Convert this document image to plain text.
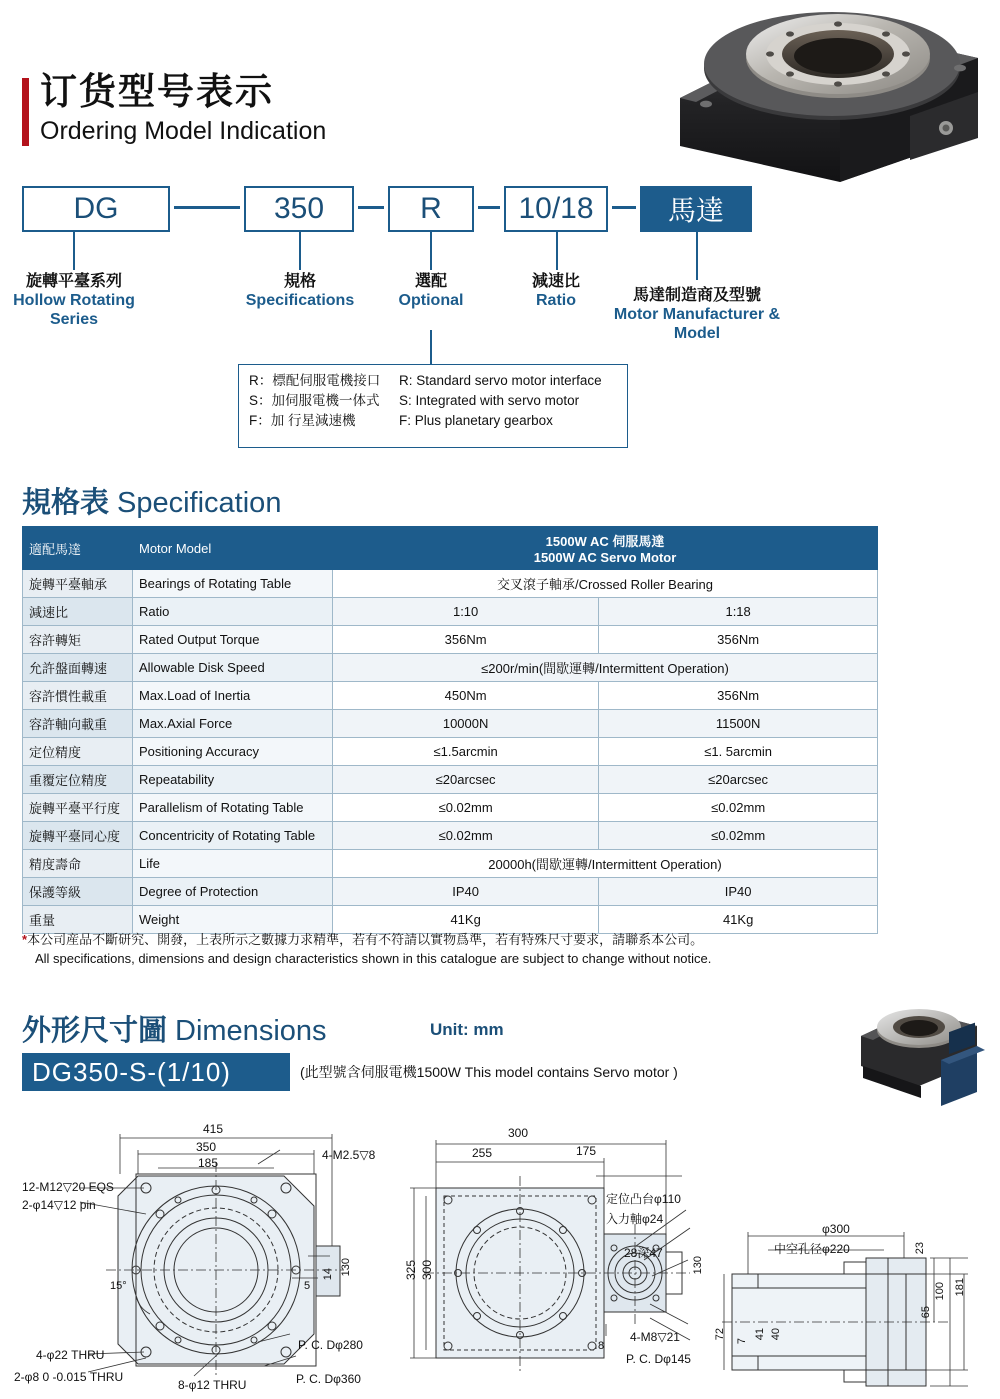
订货型号表示
Ordering Model Indication
DG	350	R	10/18	馬達
旋轉平臺系列
Hollow Rotating Series
規格
Specifications
選配
Optional
減速比
Ratio	馬達制造商及型號
Motor Manufacturer & Model
R：標配伺服電機接口	R: Standard servo motor interface
S：加伺服電機一体式	S: Integrated with servo motor
F：加 行星減速機	F: Plus planetary gearbox
規格表 Specification
適配馬達	Motor Model	1500W AC 伺服馬達
1500W AC Servo Motor	

旋轉平臺軸承	Bearings of Rotating Table	交叉滾子軸承/Crossed Roller Bearing	
減速比	Ratio	1:10	1:18
容許轉矩	Rated Output Torque	356Nm	356Nm
允許盤面轉速	Allowable Disk Speed	≤200r/min(間歇運轉/Intermittent Operation)	
容許慣性載重	Max.Load of Inertia	450Nm	356Nm
容許軸向載重	Max.Axial Force	10000N	11500N
定位精度	Positioning Accuracy	≤1.5arcmin	≤1. 5arcmin
重覆定位精度	Repeatability	≤20arcsec	≤20arcsec
旋轉平臺平行度	Parallelism of Rotating Table	≤0.02mm	≤0.02mm
旋轉平臺同心度	Concentricity of Rotating Table	≤0.02mm	≤0.02mm
精度壽命	Life	20000h(間歇運轉/Intermittent Operation)	
保護等級	Degree of Protection	IP40	IP40
重量	Weight	41Kg	41Kg
*本公司産品不斷研究、開發，上表所示之數據力求精準，若有不符請以實物爲準，若有特殊尺寸要求，請聯系本公司。
All specifications, dimensions and design characteristics shown in this catalogue are subject to change without notice.
外形尺寸圖 Dimensions	Unit: mm
DG350-S-(1/10)	(此型號含伺服電機1500W This model contains Servo motor )
415
350
185
15°	5
14 130
12-M12▽20 EQS
2-φ14▽12 pin
4-M2.5▽8
4-φ22 THRU
2-φ8 0 -0.015 THRU
8-φ12 THRU
P. C. Dφ280
P. C. Dφ360
300
255	175
325 300
8
130
定位凸台φ110
入力軸φ24
28深47
4-M8▽21
P. C. Dφ145
φ300
中空孔径φ220	23
100
65
181
72
7
41 40
